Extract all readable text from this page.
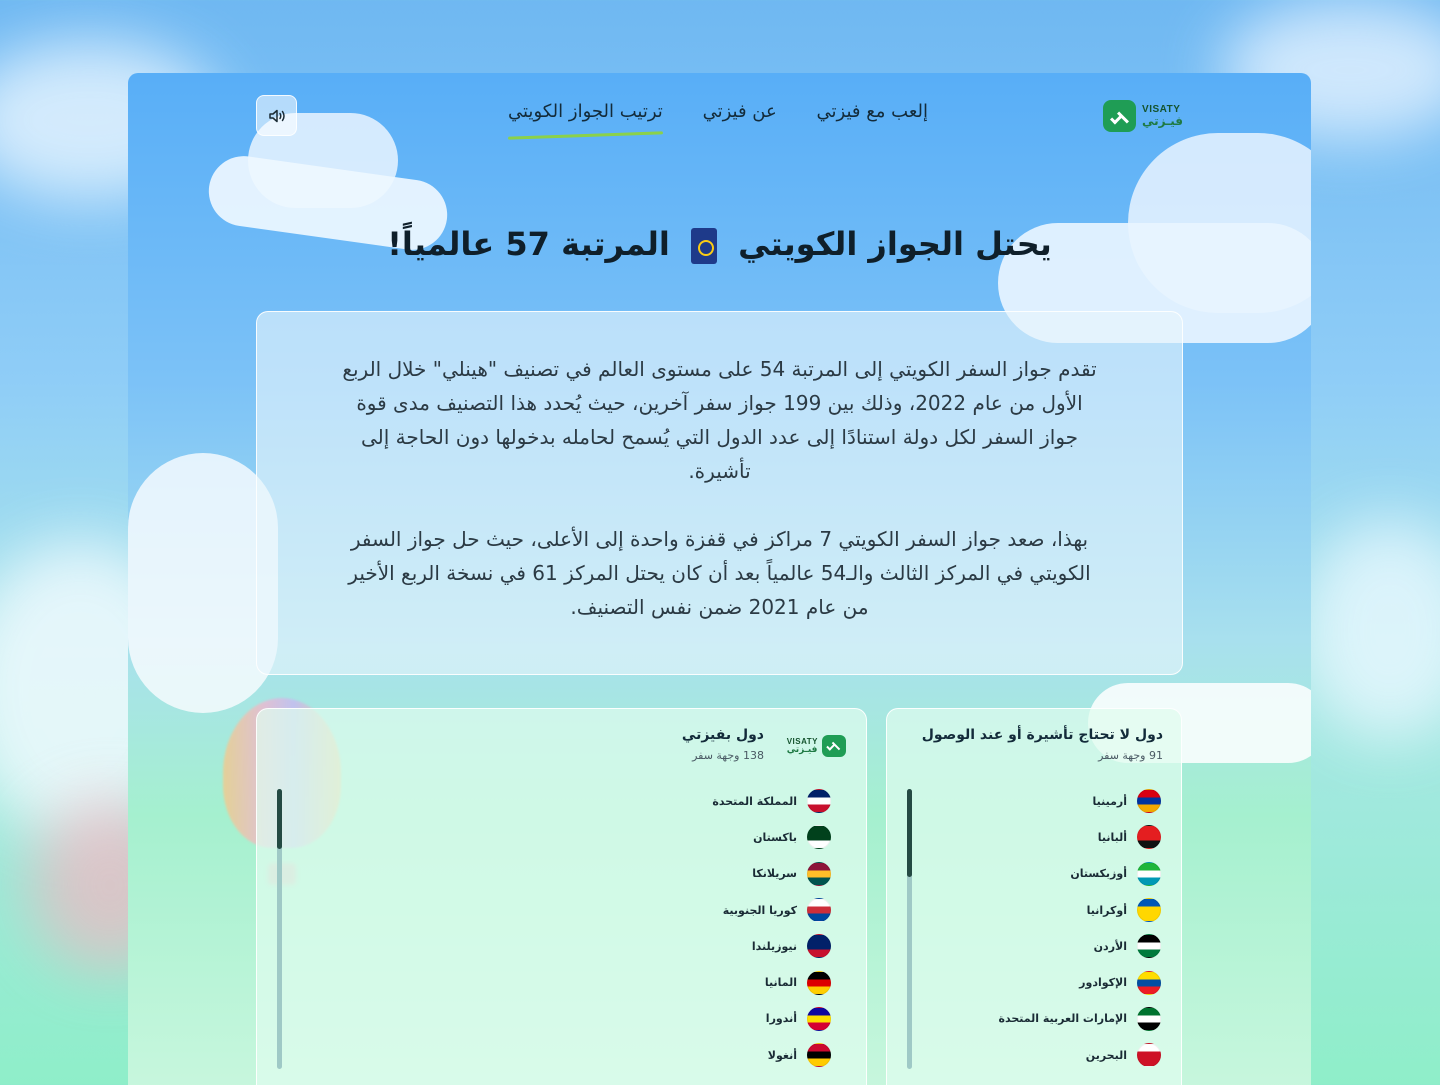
VISATY
فيـزتي
إلعب مع فيزتي
عن فيزتي
ترتيب الجواز الكويتي
يحتل الجواز الكويتي  المرتبة 57 عالمياً!

تقدم جواز السفر الكويتي إلى المرتبة 54 على مستوى العالم في تصنيف "هينلي" خلال الربع الأول من عام 2022، وذلك بين 199 جواز سفر آخرين، حيث يُحدد هذا التصنيف مدى قوة جواز السفر لكل دولة استنادًا إلى عدد الدول التي يُسمح لحامله بدخولها دون الحاجة إلى تأشيرة.

بهذا، صعد جواز السفر الكويتي 7 مراكز في قفزة واحدة إلى الأعلى، حيث حل جواز السفر الكويتي في المركز الثالث والـ54 عالمياً بعد أن كان يحتل المركز 61 في نسخة الربع الأخير من عام 2021 ضمن نفس التصنيف.

دول لا تحتاج تأشيرة أو عند الوصول
91 وجهة سفر
أرمينيا
ألبانيا
أوزبكستان
أوكرانيا
الأردن
الإكوادور
الإمارات العربية المتحدة
البحرين
VISATY
فيـزتي
دول بفيزتي
138 وجهة سفر
المملكة المتحدة
باكستان
سريلانكا
كوريا الجنوبية
نيوزيلندا
المانيا
أندورا
أنغولا
